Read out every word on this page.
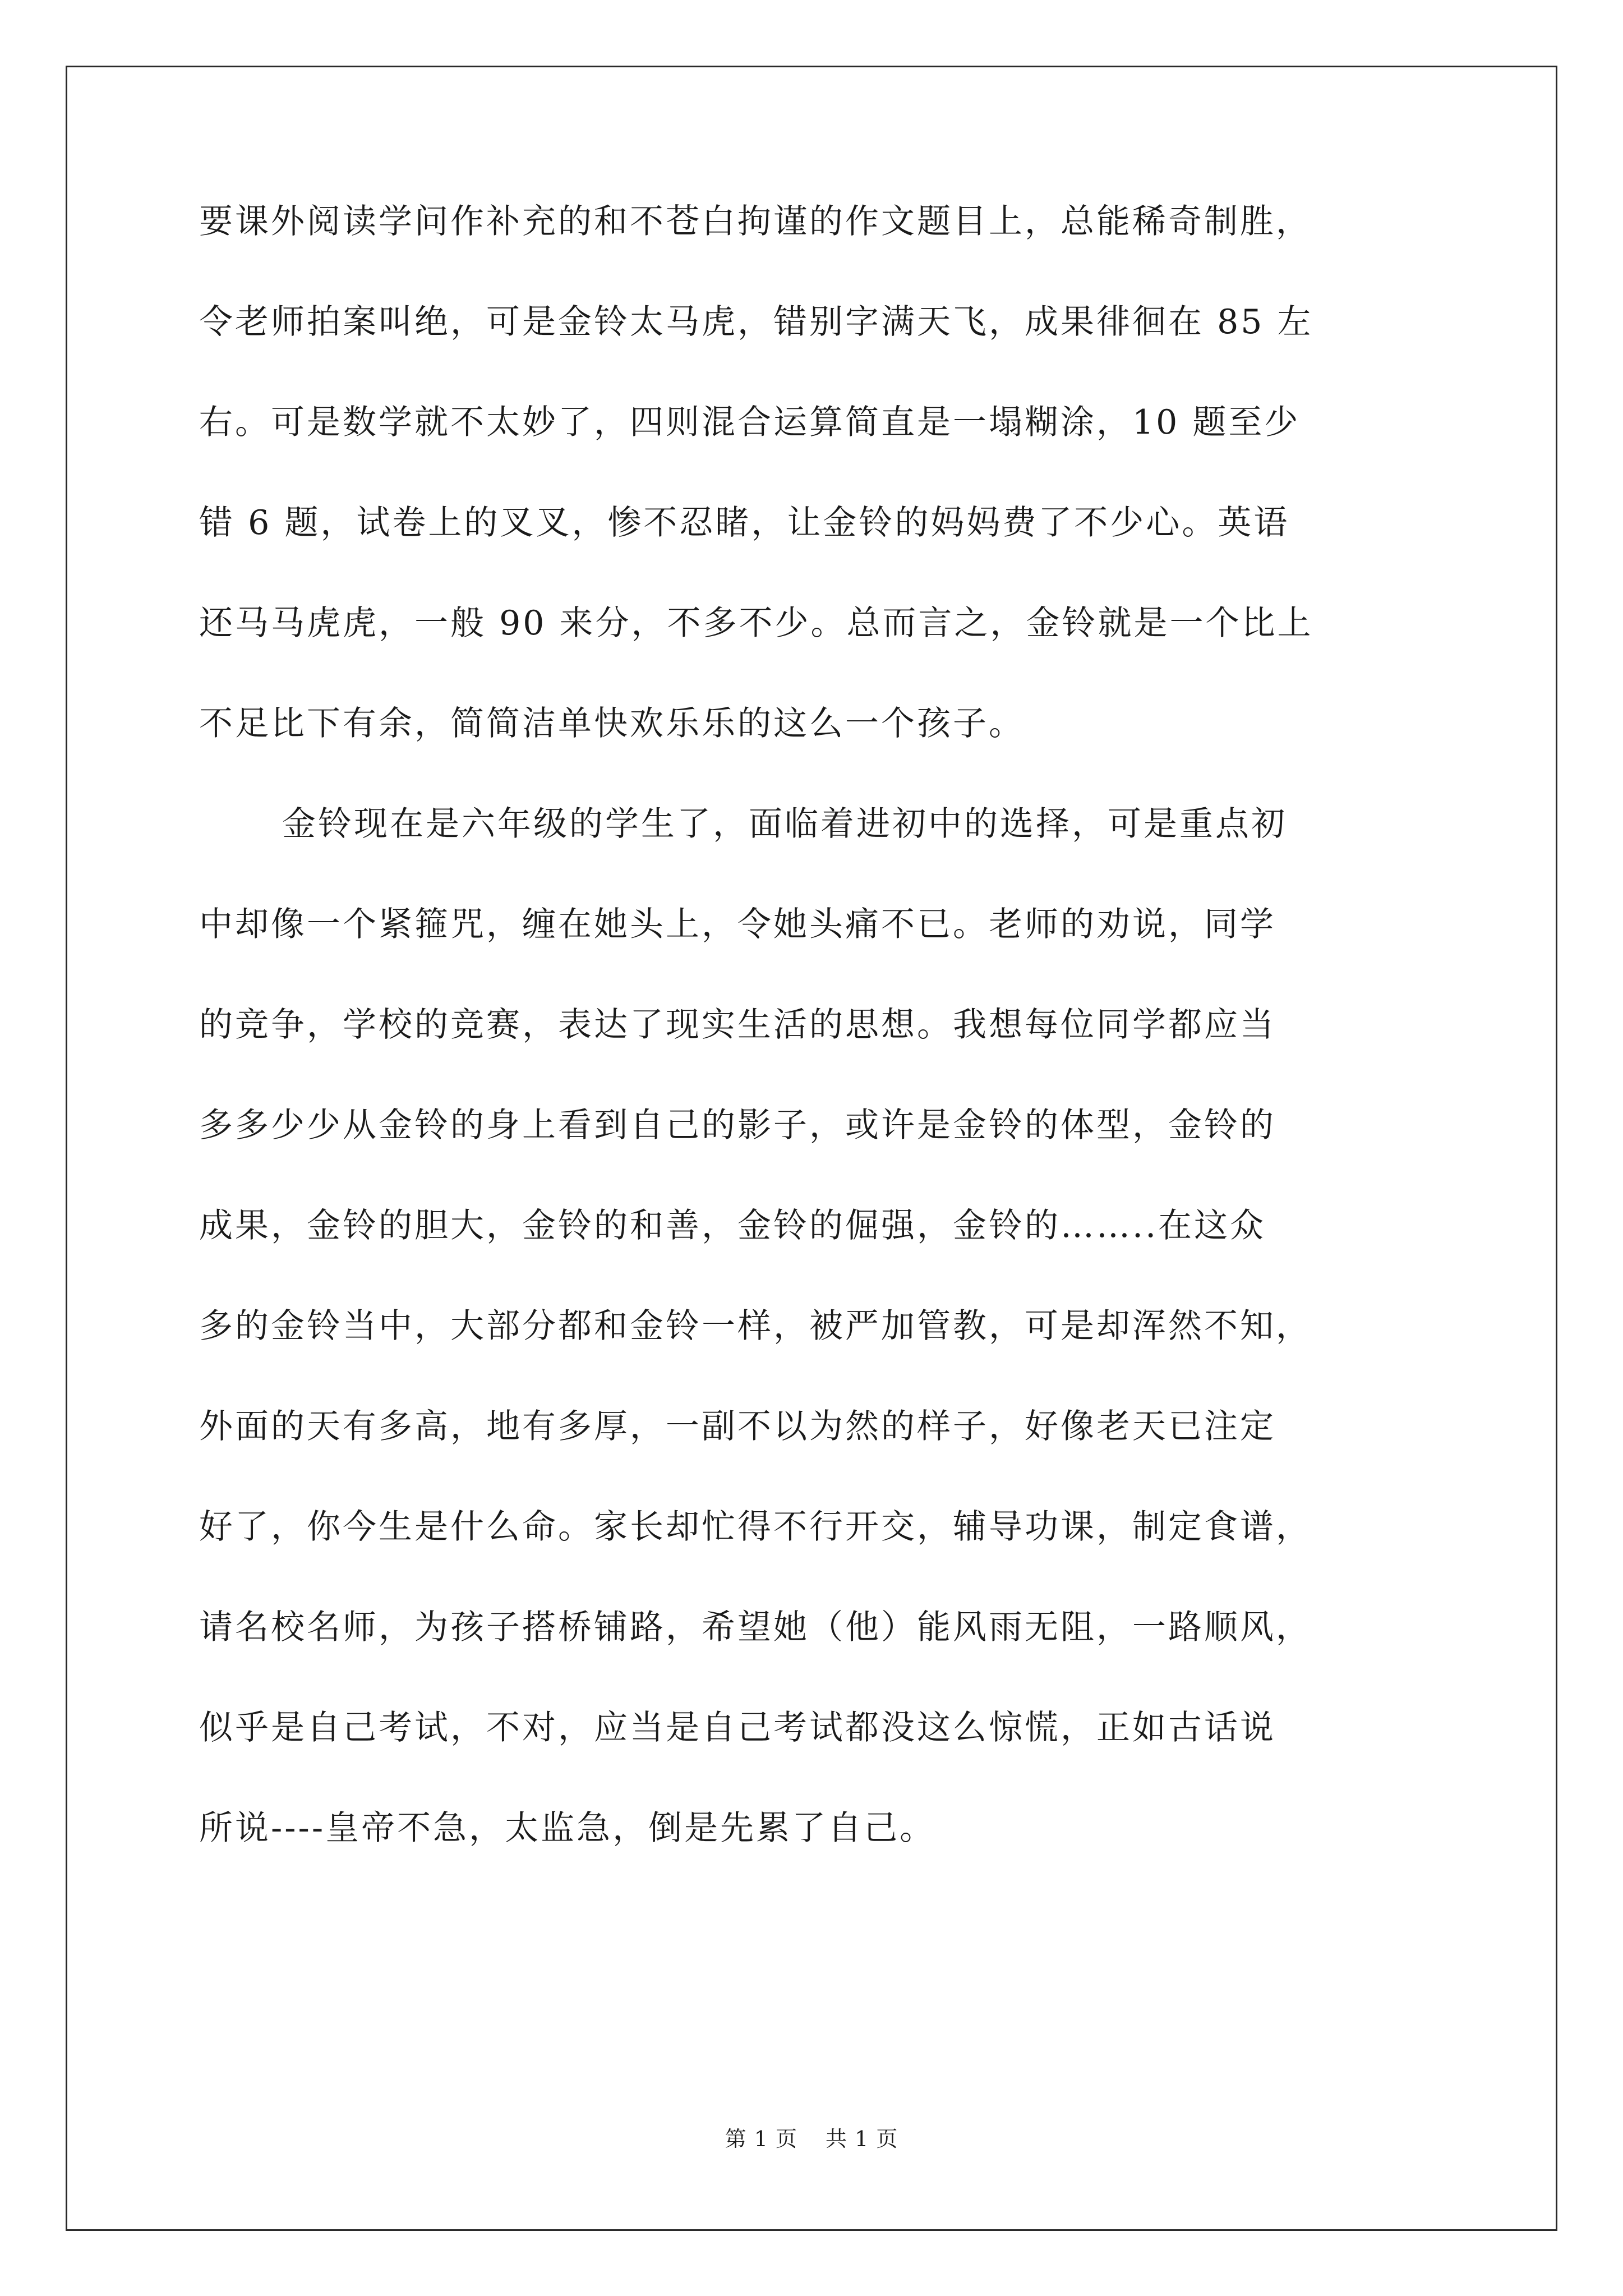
要课外阅读学问作补充的和不苍白拘谨的作文题目上，总能稀奇制胜，
令老师拍案叫绝，可是金铃太马虎，错别字满天飞，成果徘徊在 85 左
右。可是数学就不太妙了，四则混合运算简直是一塌糊涂，10 题至少
错 6 题，试卷上的叉叉，惨不忍睹，让金铃的妈妈费了不少心。英语
还马马虎虎，一般 90 来分，不多不少。总而言之，金铃就是一个比上
不足比下有余，简简洁单快欢乐乐的这么一个孩子。
金铃现在是六年级的学生了，面临着进初中的选择，可是重点初
中却像一个紧箍咒，缠在她头上，令她头痛不已。老师的劝说，同学
的竞争，学校的竞赛，表达了现实生活的思想。我想每位同学都应当
多多少少从金铃的身上看到自己的影子，或许是金铃的体型，金铃的
成果，金铃的胆大，金铃的和善，金铃的倔强，金铃的……..在这众
多的金铃当中，大部分都和金铃一样，被严加管教，可是却浑然不知，
外面的天有多高，地有多厚，一副不以为然的样子，好像老天已注定
好了，你今生是什么命。家长却忙得不行开交，辅导功课，制定食谱，
请名校名师，为孩子搭桥铺路，希望她（他）能风雨无阻，一路顺风，
似乎是自己考试，不对，应当是自己考试都没这么惊慌，正如古话说
所说----皇帝不急，太监急，倒是先累了自己。
第 1 页 共 1 页
